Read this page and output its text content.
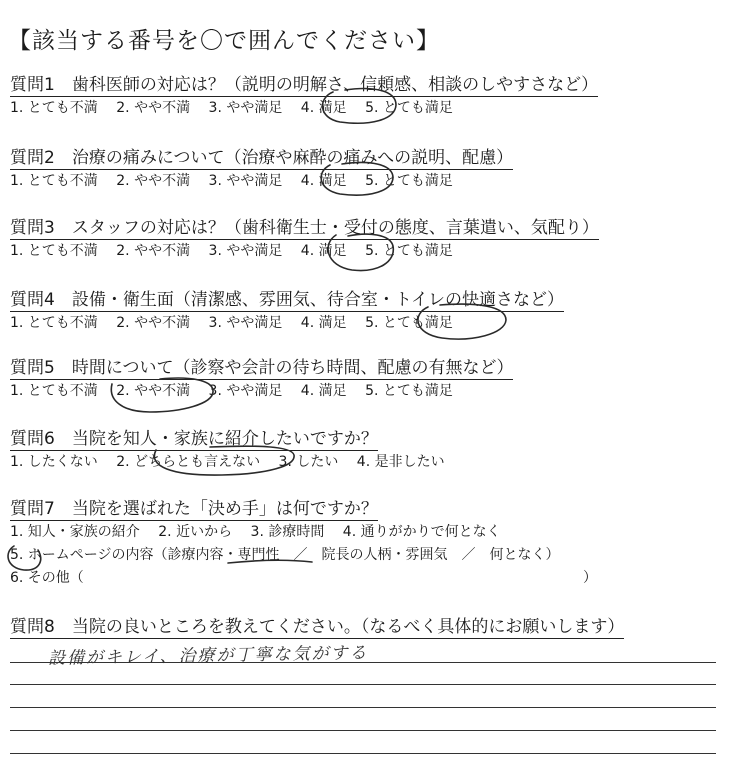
【該当する番号を〇で囲んでください】
質問1　歯科医師の対応は？（説明の明解さ、信頼感、相談のしやすさなど）
1. とても不満 2. やや不満 3. やや満足 4. 満足 5. とても満足
質問2　治療の痛みについて（治療や麻酔の痛みへの説明、配慮）
1. とても不満 2. やや不満 3. やや満足 4. 満足 5. とても満足
質問3　スタッフの対応は？（歯科衛生士・受付の態度、言葉遣い、気配り）
1. とても不満 2. やや不満 3. やや満足 4. 満足 5. とても満足
質問4　設備・衛生面（清潔感、雰囲気、待合室・トイレの快適さなど）
1. とても不満 2. やや不満 3. やや満足 4. 満足 5. とても満足
質問5　時間について（診察や会計の待ち時間、配慮の有無など）
1. とても不満 2. やや不満 3. やや満足 4. 満足 5. とても満足
質問6　当院を知人・家族に紹介したいですか？
1. したくない 2. どちらとも言えない 3. したい 4. 是非したい
質問7　当院を選ばれた「決め手」は何ですか？
1. 知人・家族の紹介 2. 近いから 3. 診療時間 4. 通りがかりで何となく
5. ホームページの内容（診療内容・専門性　／　院長の人柄・雰囲気　／　何となく）
6. その他（	）
質問8　当院の良いところを教えてください。（なるべく具体的にお願いします）
設備がキレイ、治療が丁寧な気がする
